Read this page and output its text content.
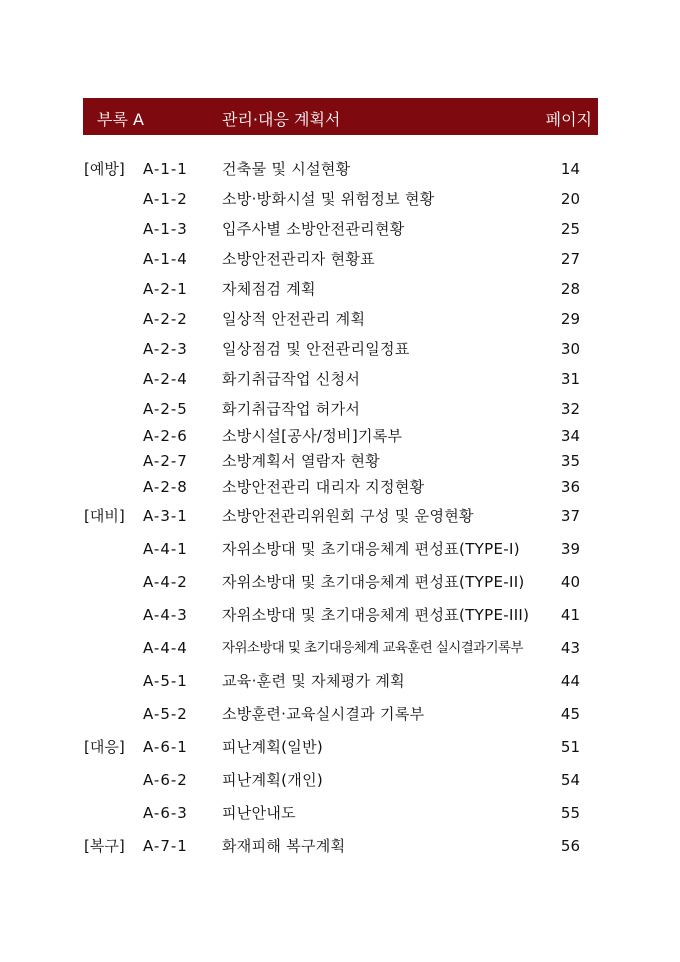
부록 A	관리·대응 계획서	페이지
[예방] A-1-1 건축물 및 시설현황	14
A-1-2 소방·방화시설 및 위험정보 현황	20
A-1-3 입주사별 소방안전관리현황	25
A-1-4 소방안전관리자 현황표	27
A-2-1 자체점검 계획	28
A-2-2 일상적 안전관리 계획	29
A-2-3 일상점검 및 안전관리일정표	30
A-2-4 화기취급작업 신청서	31
A-2-5 화기취급작업 허가서	32
A-2-6 소방시설[공사/정비]기록부	34
A-2-7 소방계획서 열람자 현황	35
A-2-8 소방안전관리 대리자 지정현황	36
[대비] A-3-1 소방안전관리위원회 구성 및 운영현황	37
A-4-1 자위소방대 및 초기대응체계 편성표(TYPE-I)	39
A-4-2 자위소방대 및 초기대응체계 편성표(TYPE-II) 40
A-4-3 자위소방대 및 초기대응체계 편성표(TYPE-III) 41
A-4-4	자위소방대 및 초기대응체계 교육훈련 실시결과기록부	43
A-5-1 교육·훈련 및 자체평가 계획	44
A-5-2 소방훈련·교육실시결과 기록부	45
[대응] A-6-1 피난계획(일반)	51
A-6-2 피난계획(개인)	54
A-6-3 피난안내도	55
[복구] A-7-1 화재피해 복구계획	56
